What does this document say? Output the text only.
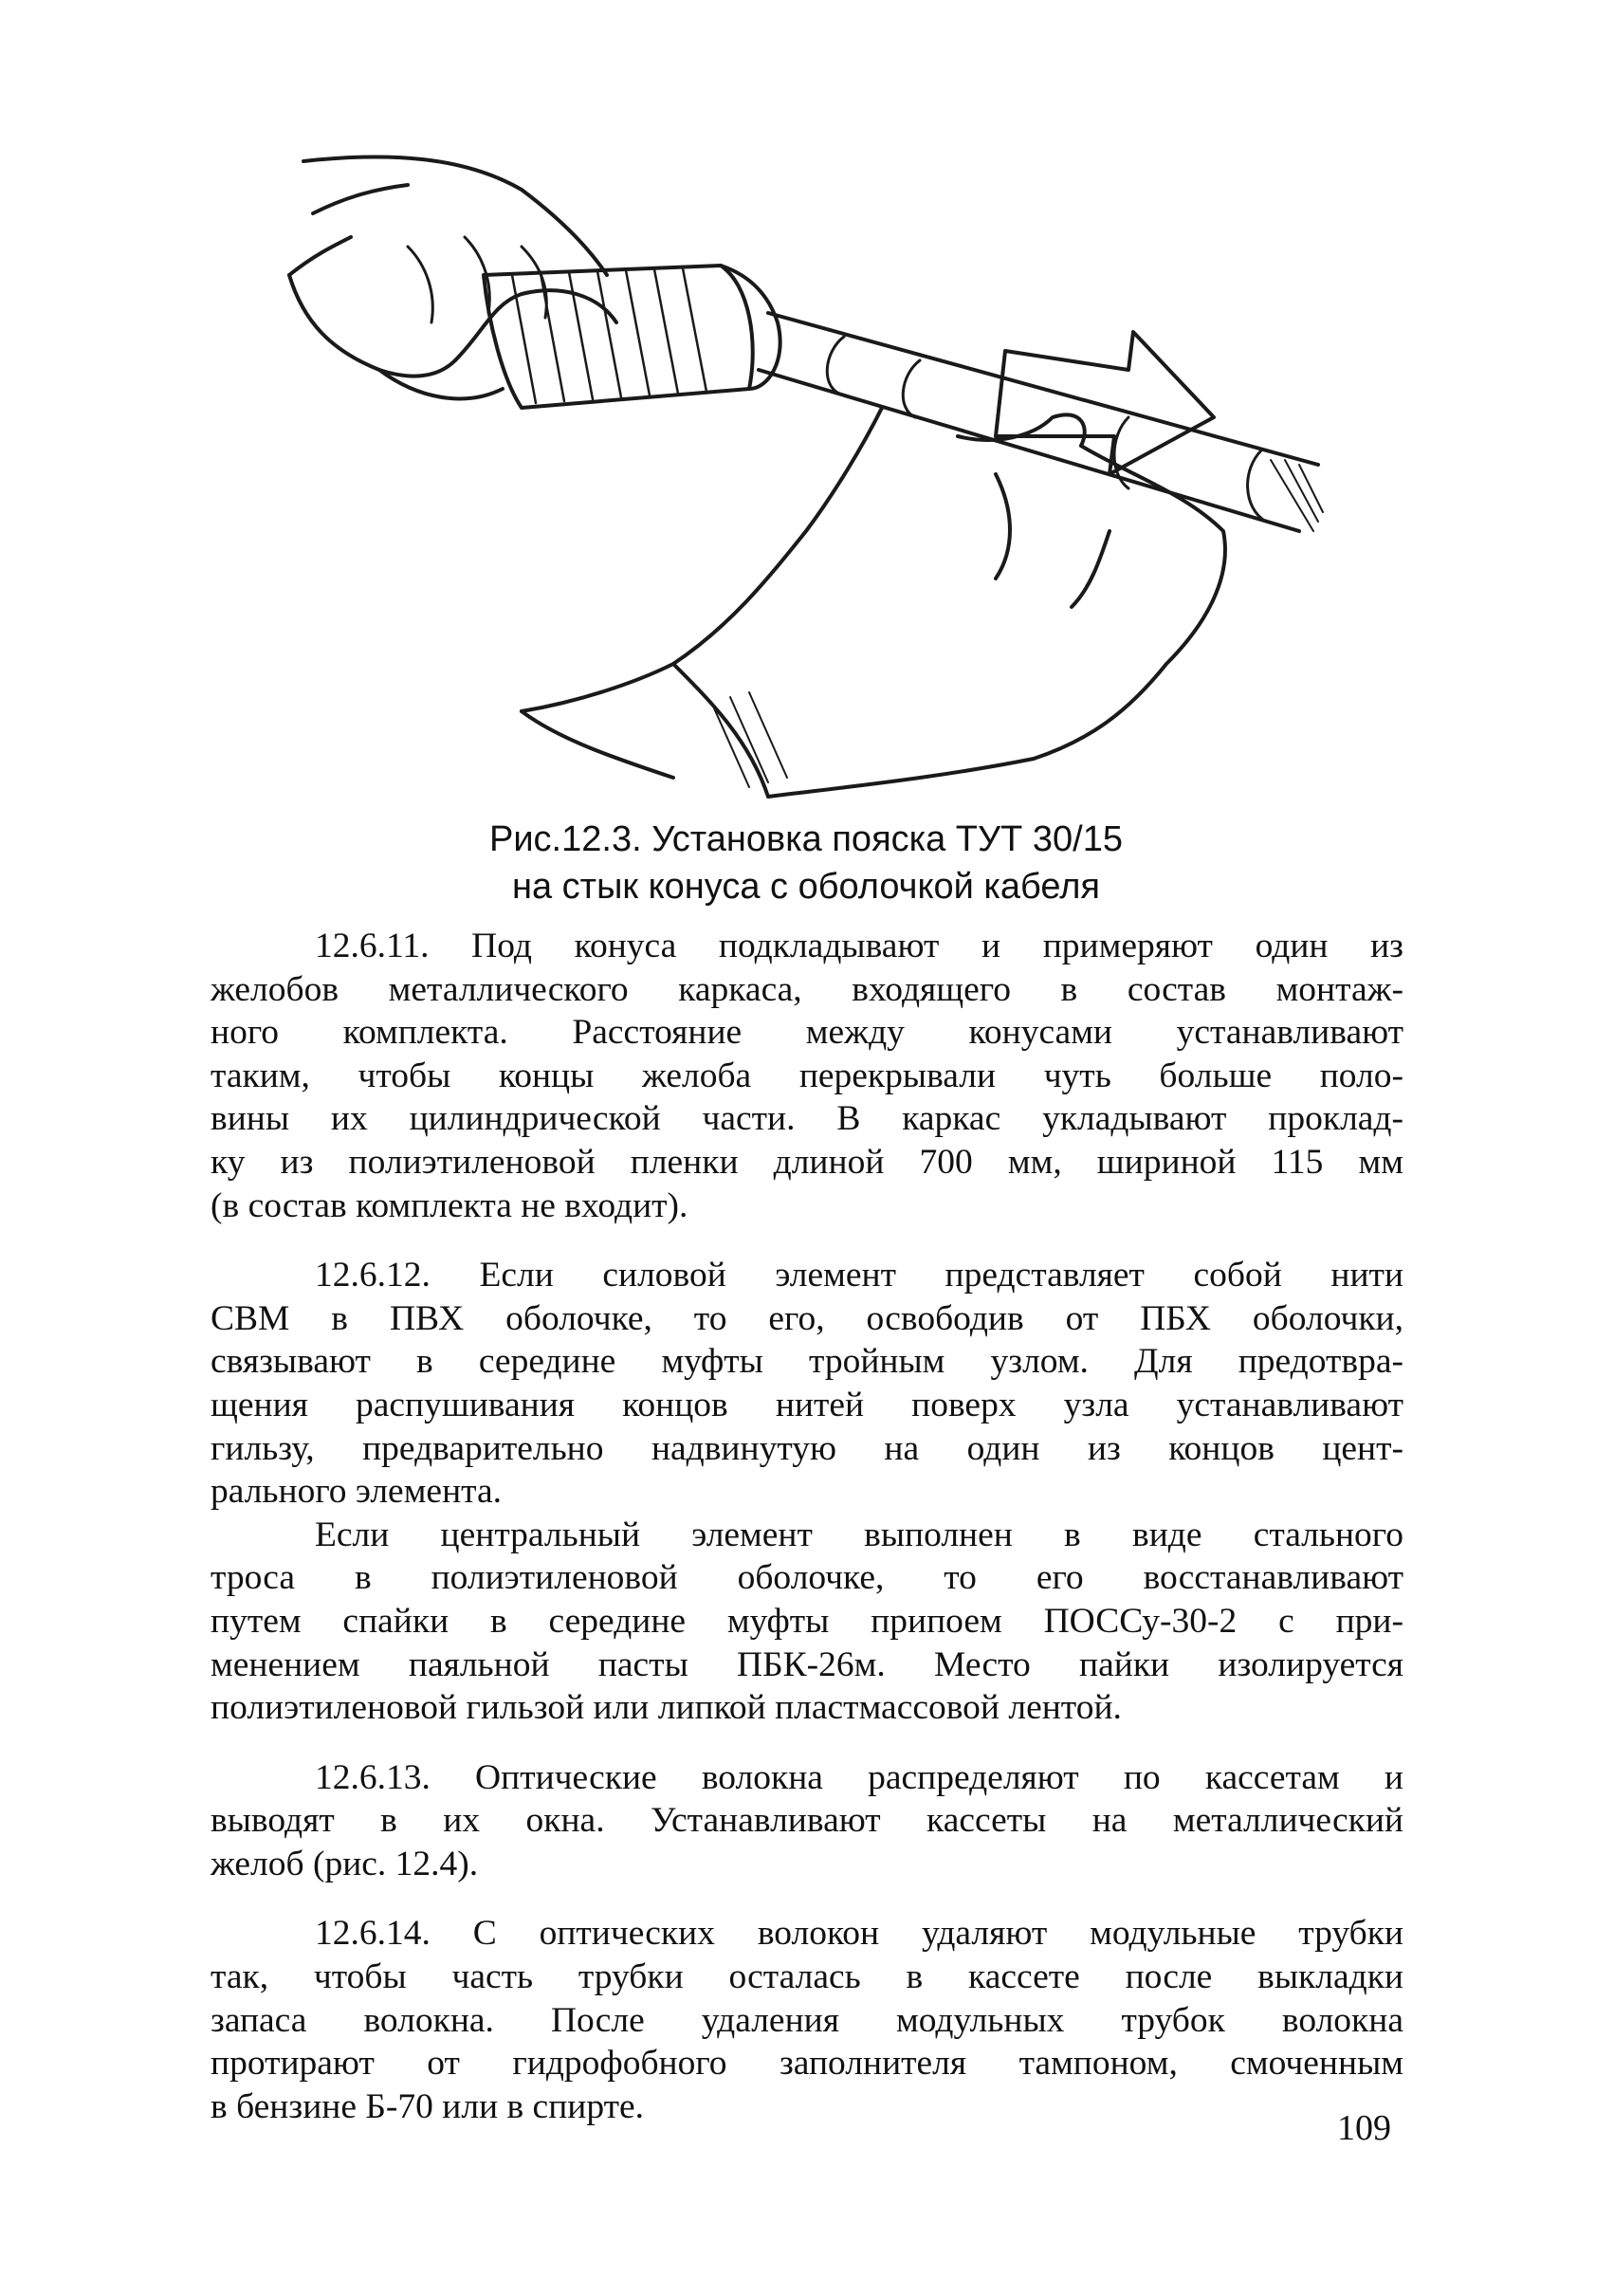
Рис.12.3. Установка пояска ТУТ 30/15
на стык конуса с оболочкой кабеля

12.6.11. Под конуса подкладывают и примеряют один из
желобов металлического каркаса, входящего в состав монтаж-
ного комплекта. Расстояние между конусами устанавливают
таким, чтобы концы желоба перекрывали чуть больше поло-
вины их цилиндрической части. В каркас укладывают проклад-
ку из полиэтиленовой пленки длиной 700 мм, шириной 115 мм
(в состав комплекта не входит).

12.6.12. Если силовой элемент представляет собой нити
СВМ в ПВХ оболочке, то его, освободив от ПБХ оболочки,
связывают в середине муфты тройным узлом. Для предотвра-
щения распушивания концов нитей поверх узла устанавливают
гильзу, предварительно надвинутую на один из концов цент-
рального элемента.

Если центральный элемент выполнен в виде стального
троса в полиэтиленовой оболочке, то его восстанавливают
путем спайки в середине муфты припоем ПОССу-30-2 с при-
менением паяльной пасты ПБК-26м. Место пайки изолируется
полиэтиленовой гильзой или липкой пластмассовой лентой.

12.6.13. Оптические волокна распределяют по кассетам и
выводят в их окна. Устанавливают кассеты на металлический
желоб (рис. 12.4).

12.6.14. С оптических волокон удаляют модульные трубки
так, чтобы часть трубки осталась в кассете после выкладки
запаса волокна. После удаления модульных трубок волокна
протирают от гидрофобного заполнителя тампоном, смоченным
в бензине Б-70 или в спирте.

109
